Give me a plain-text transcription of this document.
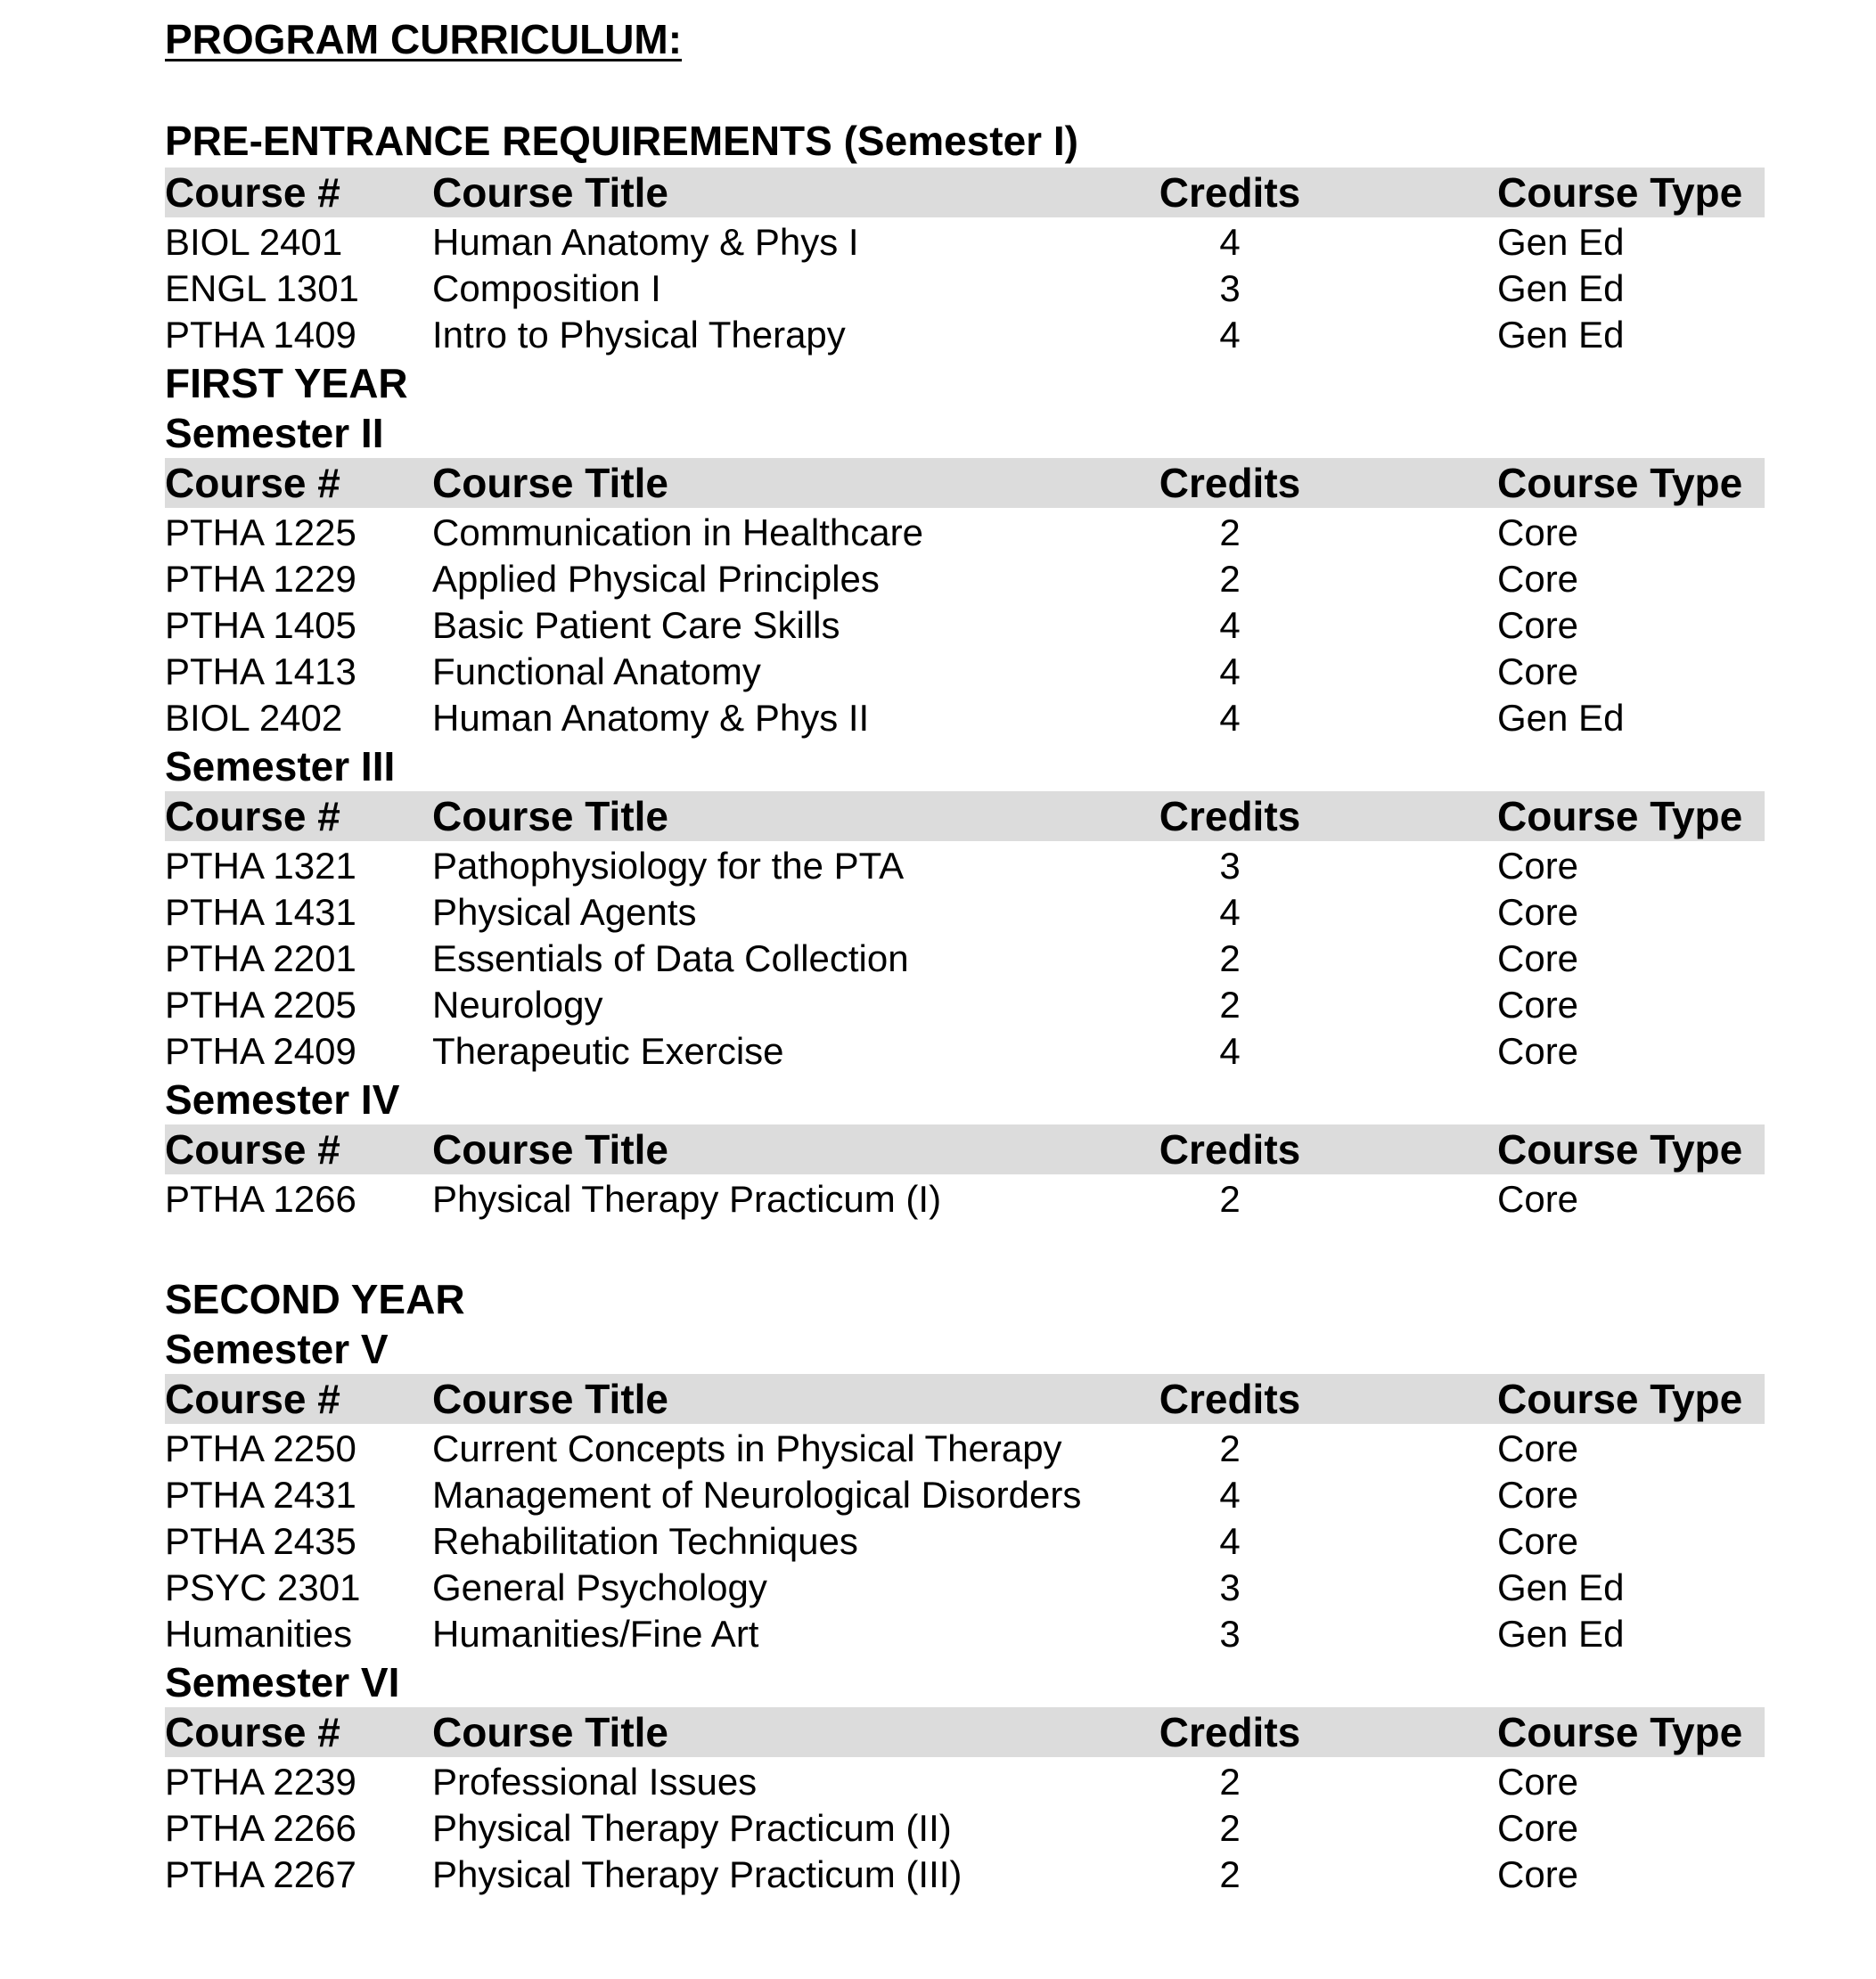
PROGRAM CURRICULUM:
PRE-ENTRANCE REQUIREMENTS (Semester I)
Course # Course Title	Credits	Course Type
BIOL 2401 Human Anatomy & Phys I	4	Gen Ed
ENGL 1301 Composition I	3	Gen Ed
PTHA 1409 Intro to Physical Therapy	4	Gen Ed
FIRST YEAR
Semester II
Course # Course Title	Credits	Course Type
PTHA 1225 Communication in Healthcare	2	Core
PTHA 1229 Applied Physical Principles	2	Core
PTHA 1405 Basic Patient Care Skills	4	Core
PTHA 1413 Functional Anatomy	4	Core
BIOL 2402 Human Anatomy & Phys II	4	Gen Ed
Semester III
Course # Course Title	Credits	Course Type
PTHA 1321 Pathophysiology for the PTA	3	Core
PTHA 1431 Physical Agents	4	Core
PTHA 2201 Essentials of Data Collection	2	Core
PTHA 2205 Neurology	2	Core
PTHA 2409 Therapeutic Exercise	4	Core
Semester IV
Course # Course Title	Credits	Course Type
PTHA 1266 Physical Therapy Practicum (I)	2	Core
SECOND YEAR
Semester V
Course # Course Title	Credits	Course Type
PTHA 2250 Current Concepts in Physical Therapy	2	Core
PTHA 2431 Management of Neurological Disorders	4	Core
PTHA 2435 Rehabilitation Techniques	4	Core
PSYC 2301 General Psychology	3	Gen Ed
Humanities Humanities/Fine Art	3	Gen Ed
Semester VI
Course # Course Title	Credits	Course Type
PTHA 2239 Professional Issues	2	Core
PTHA 2266 Physical Therapy Practicum (II)	2	Core
PTHA 2267 Physical Therapy Practicum (III)	2	Core
